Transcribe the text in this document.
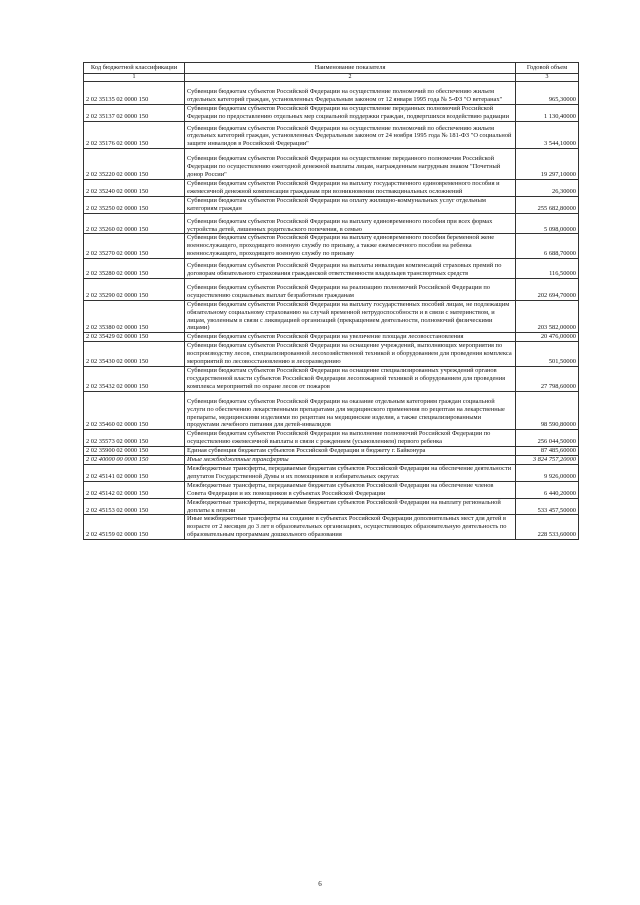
Код бюджетной классификации	Наименование показателя	Годовой объем
1	2	3
2 02 35135 02 0000 150	Субвенции бюджетам субъектов Российской Федерации на осуществление полномочий по обеспечению жильем отдельных категорий граждан, установленных Федеральным законом от 12 января 1995 года № 5-ФЗ "О ветеранах"	965,30000
2 02 35137 02 0000 150	Субвенции бюджетам субъектов Российской Федерации на осуществление переданных полномочий Российской Федерации по предоставлению отдельных мер социальной поддержки граждан, подвергшихся воздействию радиации	1 130,40000
2 02 35176 02 0000 150	Субвенции бюджетам субъектов Российской Федерации на осуществление полномочий по обеспечению жильем отдельных категорий граждан, установленных Федеральным законом от 24 ноября 1995 года № 181-ФЗ "О социальной защите инвалидов в Российской Федерации"	3 544,10000
2 02 35220 02 0000 150	Субвенции бюджетам субъектов Российской Федерации на осуществление переданного полномочия Российской Федерации по осуществлению ежегодной денежной выплаты лицам, награжденным нагрудным знаком "Почетный донор России"	19 297,10000
2 02 35240 02 0000 150	Субвенции бюджетам субъектов Российской Федерации на выплату государственного единовременного пособия и ежемесячной денежной компенсации гражданам при возникновении поствакцинальных осложнений	26,30000
2 02 35250 02 0000 150	Субвенции бюджетам субъектов Российской Федерации на оплату жилищно-коммунальных услуг отдельным категориям граждан	255 682,80000
2 02 35260 02 0000 150	Субвенции бюджетам субъектов Российской Федерации на выплату единовременного пособия при всех формах устройства детей, лишенных родительского попечения, в семью	5 098,00000
2 02 35270 02 0000 150	Субвенции бюджетам субъектов Российской Федерации на выплату единовременного пособия беременной жене военнослужащего, проходящего военную службу по призыву, а также ежемесячного пособия на ребенка военнослужащего, проходящего военную службу по призыву	6 688,70000
2 02 35280 02 0000 150	Субвенции бюджетам субъектов Российской Федерации на выплаты инвалидам компенсаций страховых премий по договорам обязательного страхования гражданской ответственности владельцев транспортных средств	116,50000
2 02 35290 02 0000 150	Субвенции бюджетам субъектов Российской Федерации на реализацию полномочий Российской Федерации по осуществлению социальных выплат безработным гражданам	202 694,70000
2 02 35380 02 0000 150	Субвенции бюджетам субъектов Российской Федерации на выплату государственных пособий лицам, не подлежащим обязательному социальному страхованию на случай временной нетрудоспособности и в связи с материнством, и лицам, уволенным в связи с ликвидацией организаций (прекращением деятельности, полномочий физическими лицами)	203 582,00000
2 02 35429 02 0000 150	Субвенции бюджетам субъектов Российской Федерации на увеличение площади лесовосстановления	20 476,00000
2 02 35430 02 0000 150	Субвенции бюджетам субъектов Российской Федерации на оснащение учреждений, выполняющих мероприятия по воспроизводству лесов, специализированной лесохозяйственной техникой и оборудованием для проведения комплекса мероприятий по лесовосстановлению и лесоразведению	501,50000
2 02 35432 02 0000 150	Субвенции бюджетам субъектов Российской Федерации на оснащение специализированных учреждений органов государственной власти субъектов Российской Федерации лесопожарной техникой и оборудованием для проведения комплекса мероприятий по охране лесов от пожаров	27 798,60000
2 02 35460 02 0000 150	Субвенции бюджетам субъектов Российской Федерации на оказание отдельным категориям граждан социальной услуги по обеспечению лекарственными препаратами для медицинского применения по рецептам на лекарственные препараты, медицинскими изделиями по рецептам на медицинские изделия, а также специализированными продуктами лечебного питания для детей-инвалидов	98 590,80000
2 02 35573 02 0000 150	Субвенции бюджетам субъектов Российской Федерации на выполнение полномочий Российской Федерации по осуществлению ежемесячной выплаты в связи с рождением (усыновлением) первого ребенка	256 044,50000
2 02 35900 02 0000 150	Единая субвенция бюджетам субъектов Российской Федерации и бюджету г. Байконура	87 485,60000
2 02 40000 00 0000 150	Иные межбюджетные трансферты	3 824 757,20000
2 02 45141 02 0000 150	Межбюджетные трансферты, передаваемые бюджетам субъектов Российской Федерации на обеспечение деятельности депутатов Государственной Думы и их помощников в избирательных округах	9 926,00000
2 02 45142 02 0000 150	Межбюджетные трансферты, передаваемые бюджетам субъектов Российской Федерации на обеспечение членов Совета Федерации и их помощников в субъектах Российской Федерации	6 440,20000
2 02 45153 02 0000 150	Межбюджетные трансферты, передаваемые бюджетам субъектов Российской Федерации на выплату региональной доплаты к пенсии	533 457,50000
2 02 45159 02 0000 150	Иные межбюджетные трансферты на создание в субъектах Российской Федерации дополнительных мест для детей в возрасте от 2 месяцев до 3 лет в образовательных организациях, осуществляющих образовательную деятельность по образовательным программам дошкольного образования	228 533,60000
6
